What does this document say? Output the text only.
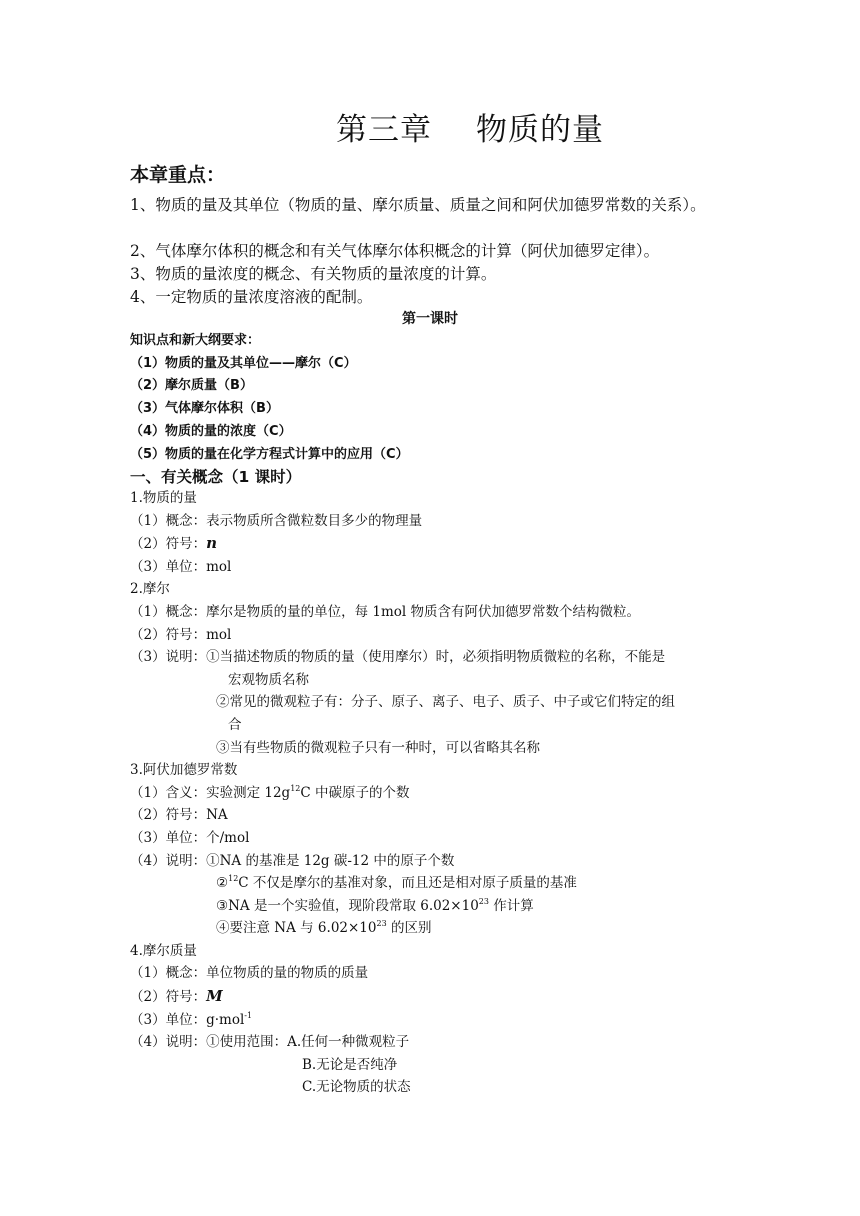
第三章 物质的量
本章重点：
1、物质的量及其单位（物质的量、摩尔质量、质量之间和阿伏加德罗常数的关系）。
2、气体摩尔体积的概念和有关气体摩尔体积概念的计算（阿伏加德罗定律）。
3、物质的量浓度的概念、有关物质的量浓度的计算。
4、一定物质的量浓度溶液的配制。
第一课时
知识点和新大纲要求：
（1）物质的量及其单位——摩尔（C）
（2）摩尔质量（B）
（3）气体摩尔体积（B）
（4）物质的量的浓度（C）
（5）物质的量在化学方程式计算中的应用（C）
一、有关概念（1 课时）
1.物质的量
（1）概念：表示物质所含微粒数目多少的物理量
（2）符号：n
（3）单位：mol
2.摩尔
（1）概念：摩尔是物质的量的单位，每 1mol 物质含有阿伏加德罗常数个结构微粒。
（2）符号：mol
（3）说明：①当描述物质的物质的量（使用摩尔）时，必须指明物质微粒的名称，不能是
宏观物质名称
②常见的微观粒子有：分子、原子、离子、电子、质子、中子或它们特定的组
合
③当有些物质的微观粒子只有一种时，可以省略其名称
3.阿伏加德罗常数
（1）含义：实验测定 $12g^{12}C$ 中碳原子的个数
（2）符号：NA
（3）单位：个/mol
（4）说明：①NA 的基准是 12g 碳-12 中的原子个数
②$^{12}$C 不仅是摩尔的基准对象，而且还是相对原子质量的基准
③NA 是一个实验值，现阶段常取 $6.02\times 10^{23}$ 作计算
④要注意 NA 与 $6.02\times 10^{23}$ 的区别
4.摩尔质量
（1）概念：单位物质的量的物质的质量
（2）符号：M
（3）单位：g·mol$^{-1}$
（4）说明：①使用范围：A.任何一种微观粒子
B.无论是否纯净
C.无论物质的状态
